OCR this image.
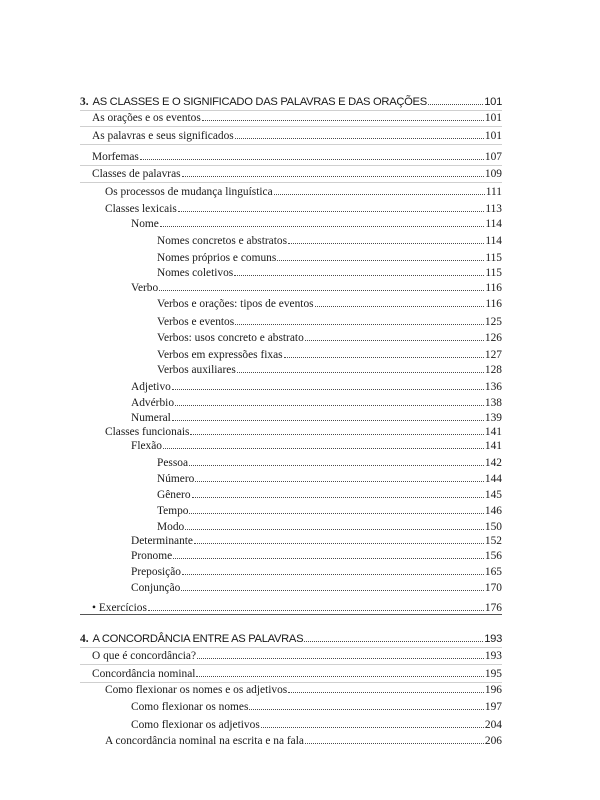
3. AS CLASSES E O SIGNIFICADO DAS PALAVRAS E DAS ORAÇÕES	101
As orações e os eventos	101
As palavras e seus significados	101
Morfemas	107
Classes de palavras	109
Os processos de mudança linguística	111
Classes lexicais	113
Nome	114
Nomes concretos e abstratos	114
Nomes próprios e comuns	115
Nomes coletivos	115
Verbo	116
Verbos e orações: tipos de eventos	116
Verbos e eventos	125
Verbos: usos concreto e abstrato	126
Verbos em expressões fixas	127
Verbos auxiliares	128
Adjetivo	136
Advérbio	138
Numeral	139
Classes funcionais	141
Flexão	141
Pessoa	142
Número	144
Gênero	145
Tempo	146
Modo	150
Determinante	152
Pronome	156
Preposição	165
Conjunção	170
• Exercícios	176
4. A CONCORDÂNCIA ENTRE AS PALAVRAS	193
O que é concordância?	193
Concordância nominal	195
Como flexionar os nomes e os adjetivos	196
Como flexionar os nomes	197
Como flexionar os adjetivos	204
A concordância nominal na escrita e na fala	206
